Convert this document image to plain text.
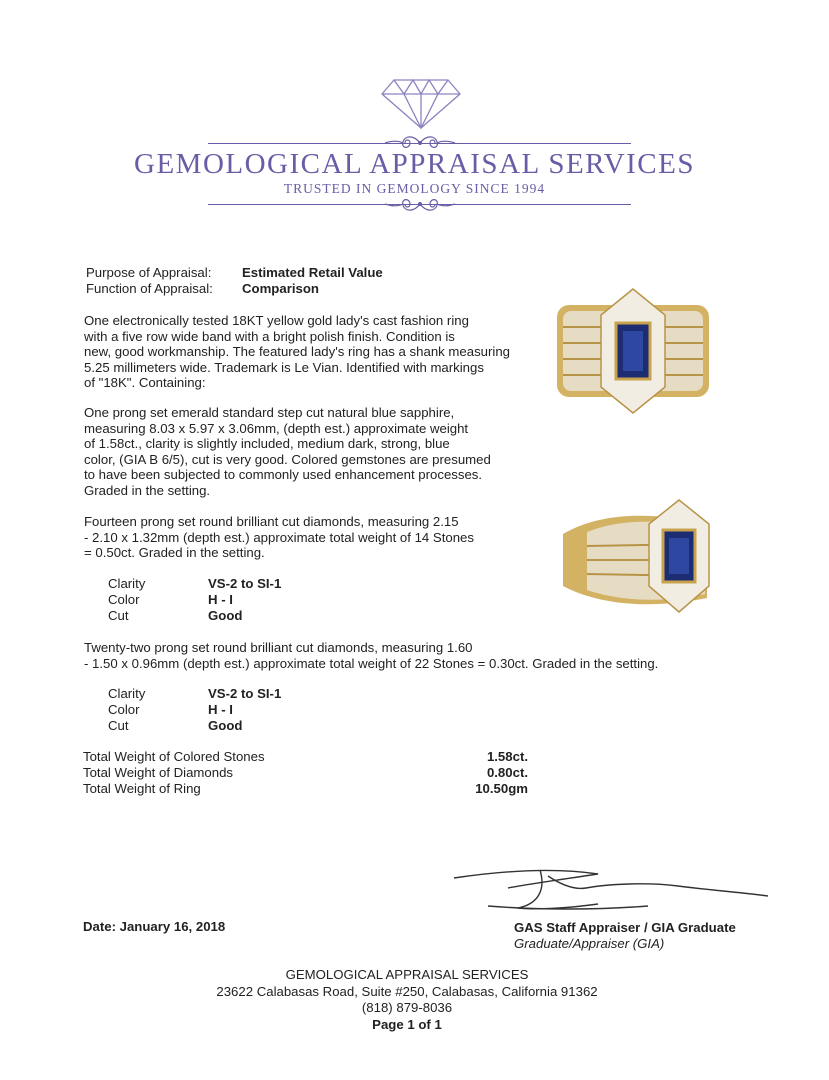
GEMOLOGICAL APPRAISAL SERVICES
TRUSTED IN GEMOLOGY SINCE 1994
Purpose of Appraisal: Estimated Retail Value
Function of Appraisal: Comparison
One electronically tested 18KT yellow gold lady's cast fashion ring
with a five row wide band with a bright polish finish. Condition is
new, good workmanship. The featured lady's ring has a shank measuring
5.25 millimeters wide. Trademark is Le Vian. Identified with markings
of "18K". Containing:
One prong set emerald standard step cut natural blue sapphire,
measuring 8.03 x 5.97 x 3.06mm, (depth est.) approximate weight
of 1.58ct., clarity is slightly included, medium dark, strong, blue
color, (GIA B 6/5), cut is very good. Colored gemstones are presumed
to have been subjected to commonly used enhancement processes.
Graded in the setting.
Fourteen prong set round brilliant cut diamonds, measuring 2.15
- 2.10 x 1.32mm (depth est.) approximate total weight of 14 Stones
= 0.50ct. Graded in the setting.
Clarity
Color
Cut
VS-2 to SI-1
H - I
Good
Twenty-two prong set round brilliant cut diamonds, measuring 1.60
- 1.50 x 0.96mm (depth est.) approximate total weight of 22 Stones = 0.30ct. Graded in the setting.
Clarity
Color
Cut
VS-2 to SI-1
H - I
Good
Total Weight of Colored Stones
Total Weight of Diamonds
Total Weight of Ring
1.58ct.
0.80ct.
10.50gm
Date: January 16, 2018	GAS Staff Appraiser / GIA Graduate
Graduate/Appraiser (GIA)
GEMOLOGICAL APPRAISAL SERVICES
23622 Calabasas Road, Suite #250, Calabasas, California 91362
(818) 879-8036
Page 1 of 1
